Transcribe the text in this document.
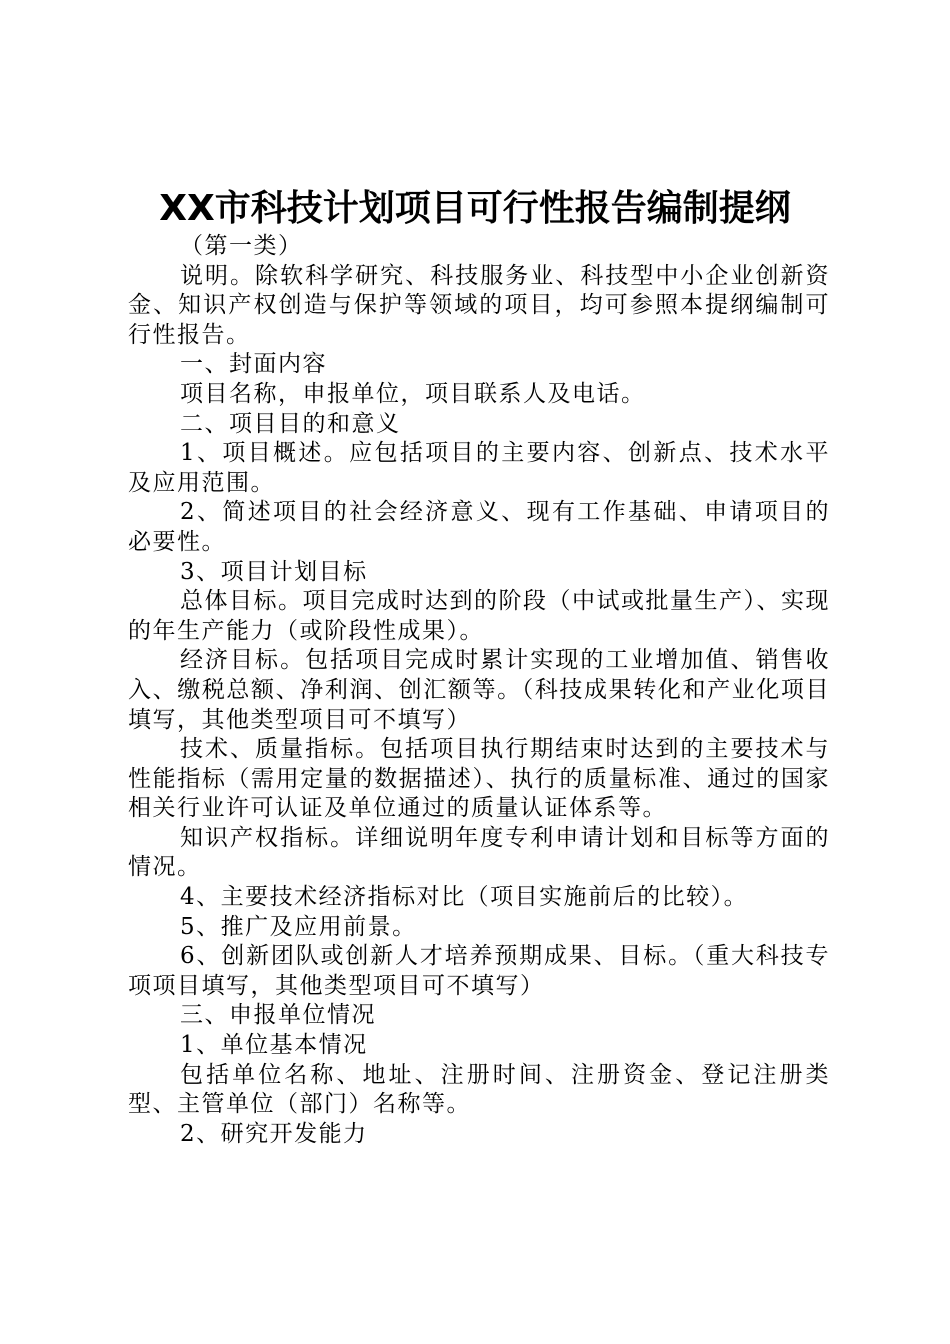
XX市科技计划项目可行性报告编制提纲

（第一类）

说明。除软科学研究、科技服务业、科技型中小企业创新资金、知识产权创造与保护等领域的项目，均可参照本提纲编制可行性报告。

一、封面内容

项目名称，申报单位，项目联系人及电话。

二、项目目的和意义

1、项目概述。应包括项目的主要内容、创新点、技术水平及应用范围。

2、简述项目的社会经济意义、现有工作基础、申请项目的必要性。

3、项目计划目标

总体目标。项目完成时达到的阶段（中试或批量生产）、实现的年生产能力（或阶段性成果）。

经济目标。包括项目完成时累计实现的工业增加值、销售收入、缴税总额、净利润、创汇额等。（科技成果转化和产业化项目填写，其他类型项目可不填写）

技术、质量指标。包括项目执行期结束时达到的主要技术与性能指标（需用定量的数据描述）、执行的质量标准、通过的国家相关行业许可认证及单位通过的质量认证体系等。

知识产权指标。详细说明年度专利申请计划和目标等方面的情况。

4、主要技术经济指标对比（项目实施前后的比较）。

5、推广及应用前景。

6、创新团队或创新人才培养预期成果、目标。（重大科技专项项目填写，其他类型项目可不填写）

三、申报单位情况

1、单位基本情况

包括单位名称、地址、注册时间、注册资金、登记注册类型、主管单位（部门）名称等。

2、研究开发能力
